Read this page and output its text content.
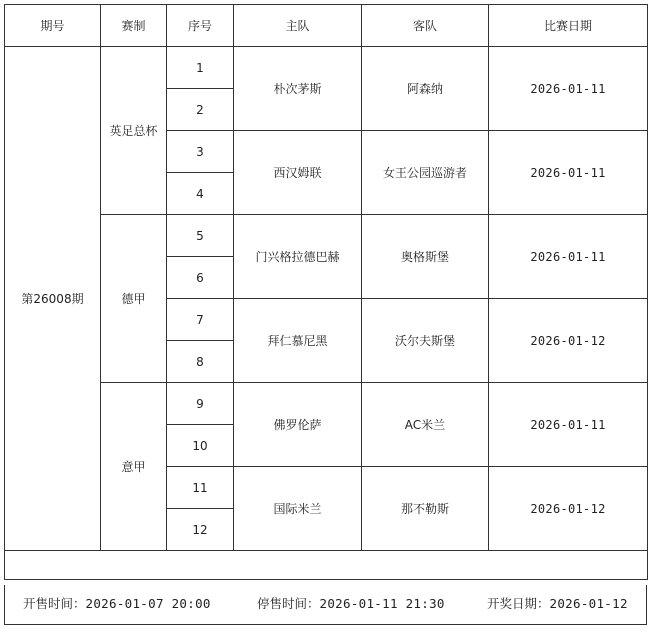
期号	赛制	序号	主队	客队	比赛日期
第26008期	英足总杯	1	朴次茅斯	阿森纳	2026-01-11
		2			
		3	西汉姆联	女王公园巡游者	2026-01-11
		4			
	德甲	5	门兴格拉德巴赫	奥格斯堡	2026-01-11
		6			
		7	拜仁慕尼黑	沃尔夫斯堡	2026-01-12
		8			
	意甲	9	佛罗伦萨	AC米兰	2026-01-11
		10			
		11	国际米兰	那不勒斯	2026-01-12
		12			

开售时间：2026-01-07 20:00	停售时间：2026-01-11 21:30	开奖日期：2026-01-12
